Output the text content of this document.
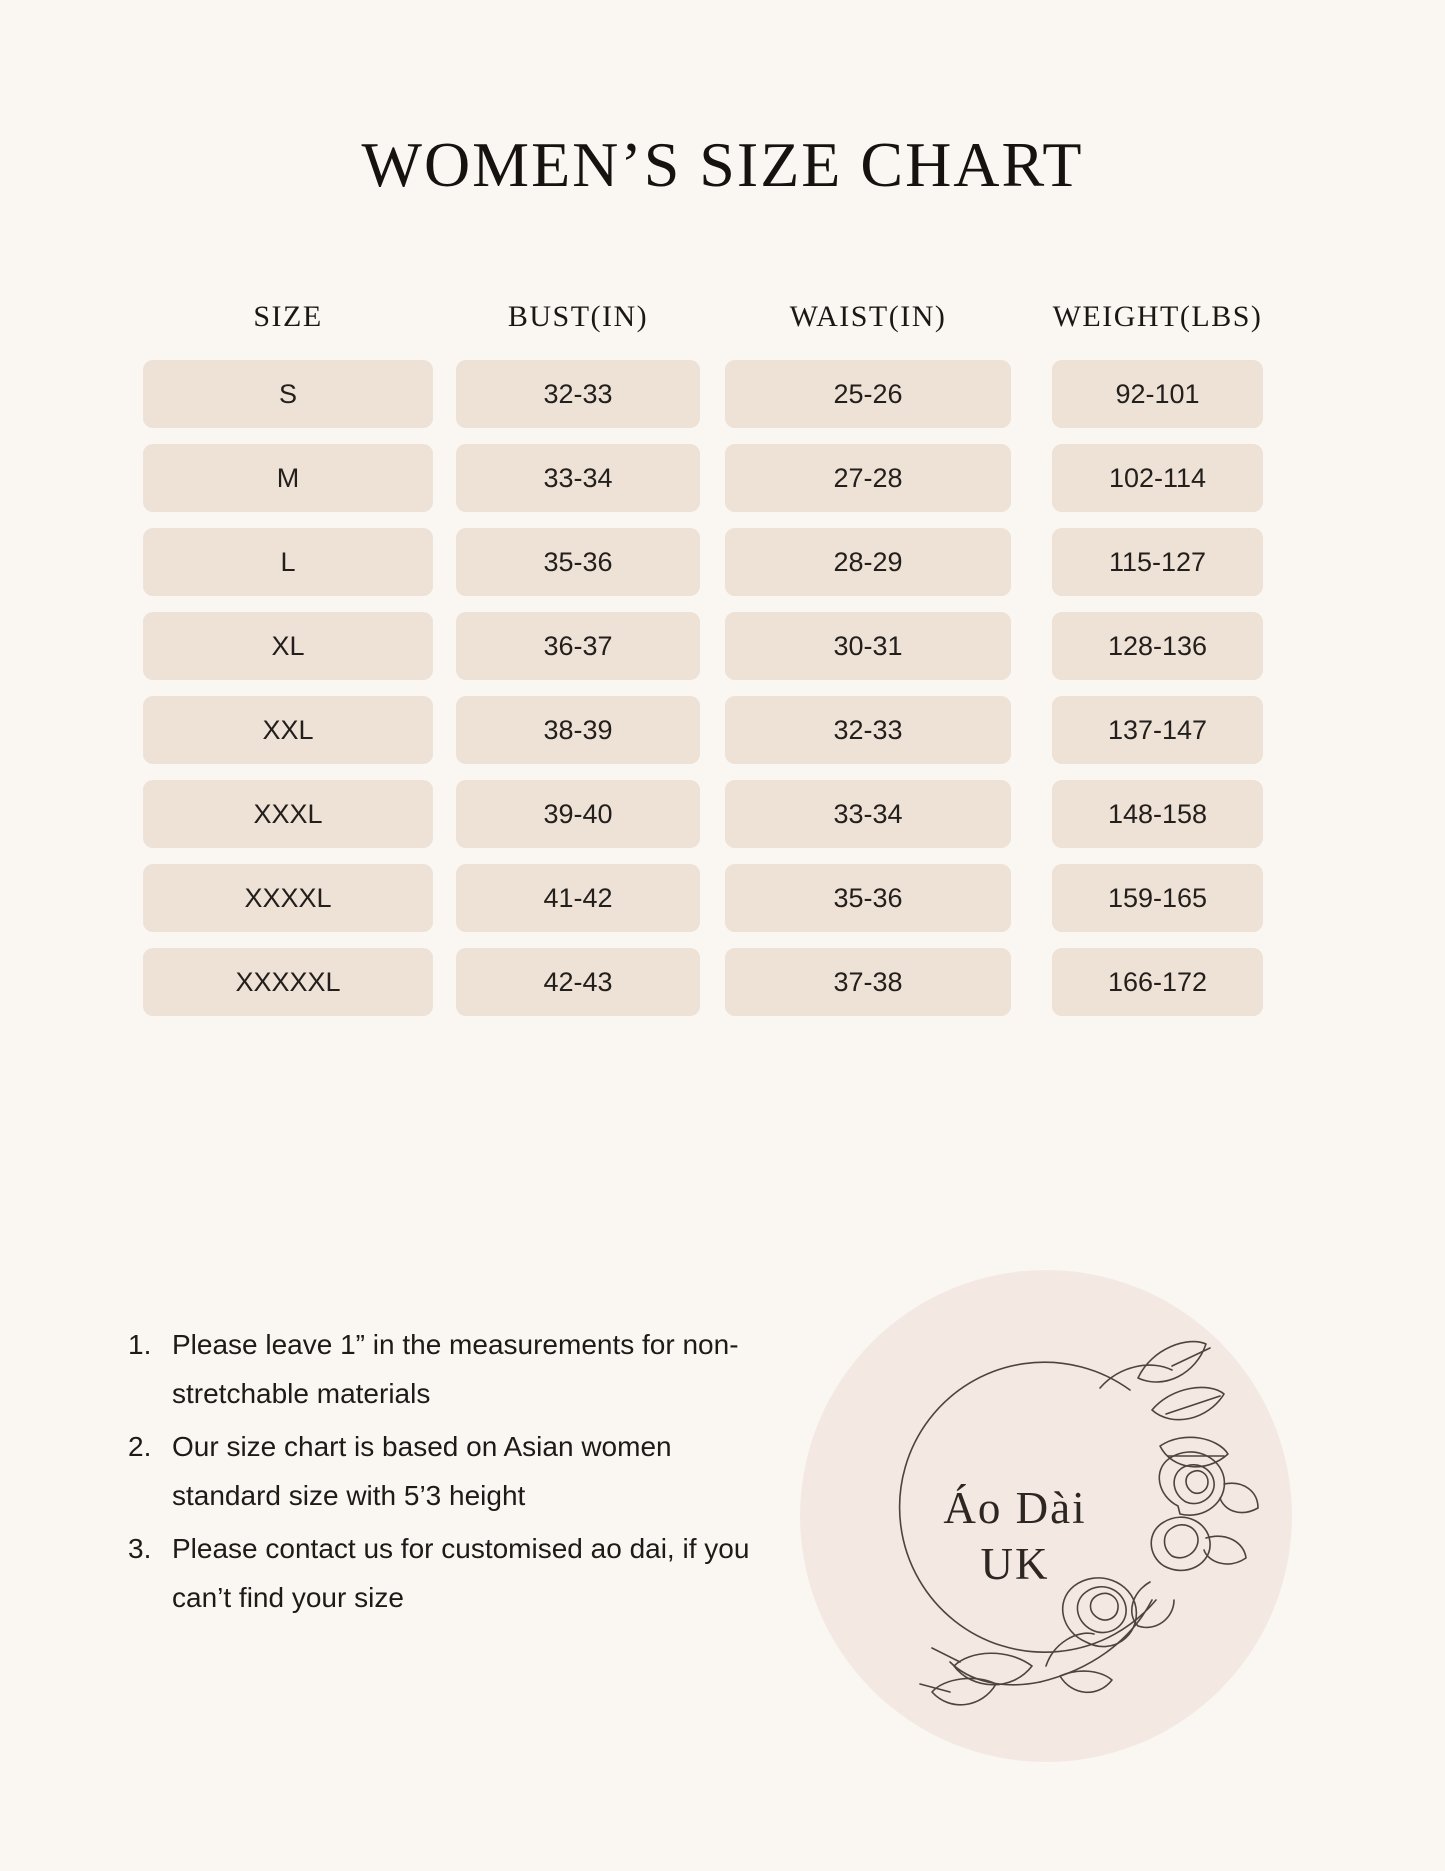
WOMEN’S SIZE CHART
SIZE	BUST(IN)	WAIST(IN)	WEIGHT(LBS)
S	32-33	25-26	92-101
M	33-34	27-28	102-114
L	35-36	28-29	115-127
XL	36-37	30-31	128-136
XXL	38-39	32-33	137-147
XXXL	39-40	33-34	148-158
XXXXL	41-42	35-36	159-165
XXXXXL	42-43	37-38	166-172
1. Please leave 1” in the measurements for non-stretchable materials
2. Our size chart is based on Asian women standard size with 5’3 height
3. Please contact us for customised ao dai, if you can’t find your size
Áo Dài
UK
